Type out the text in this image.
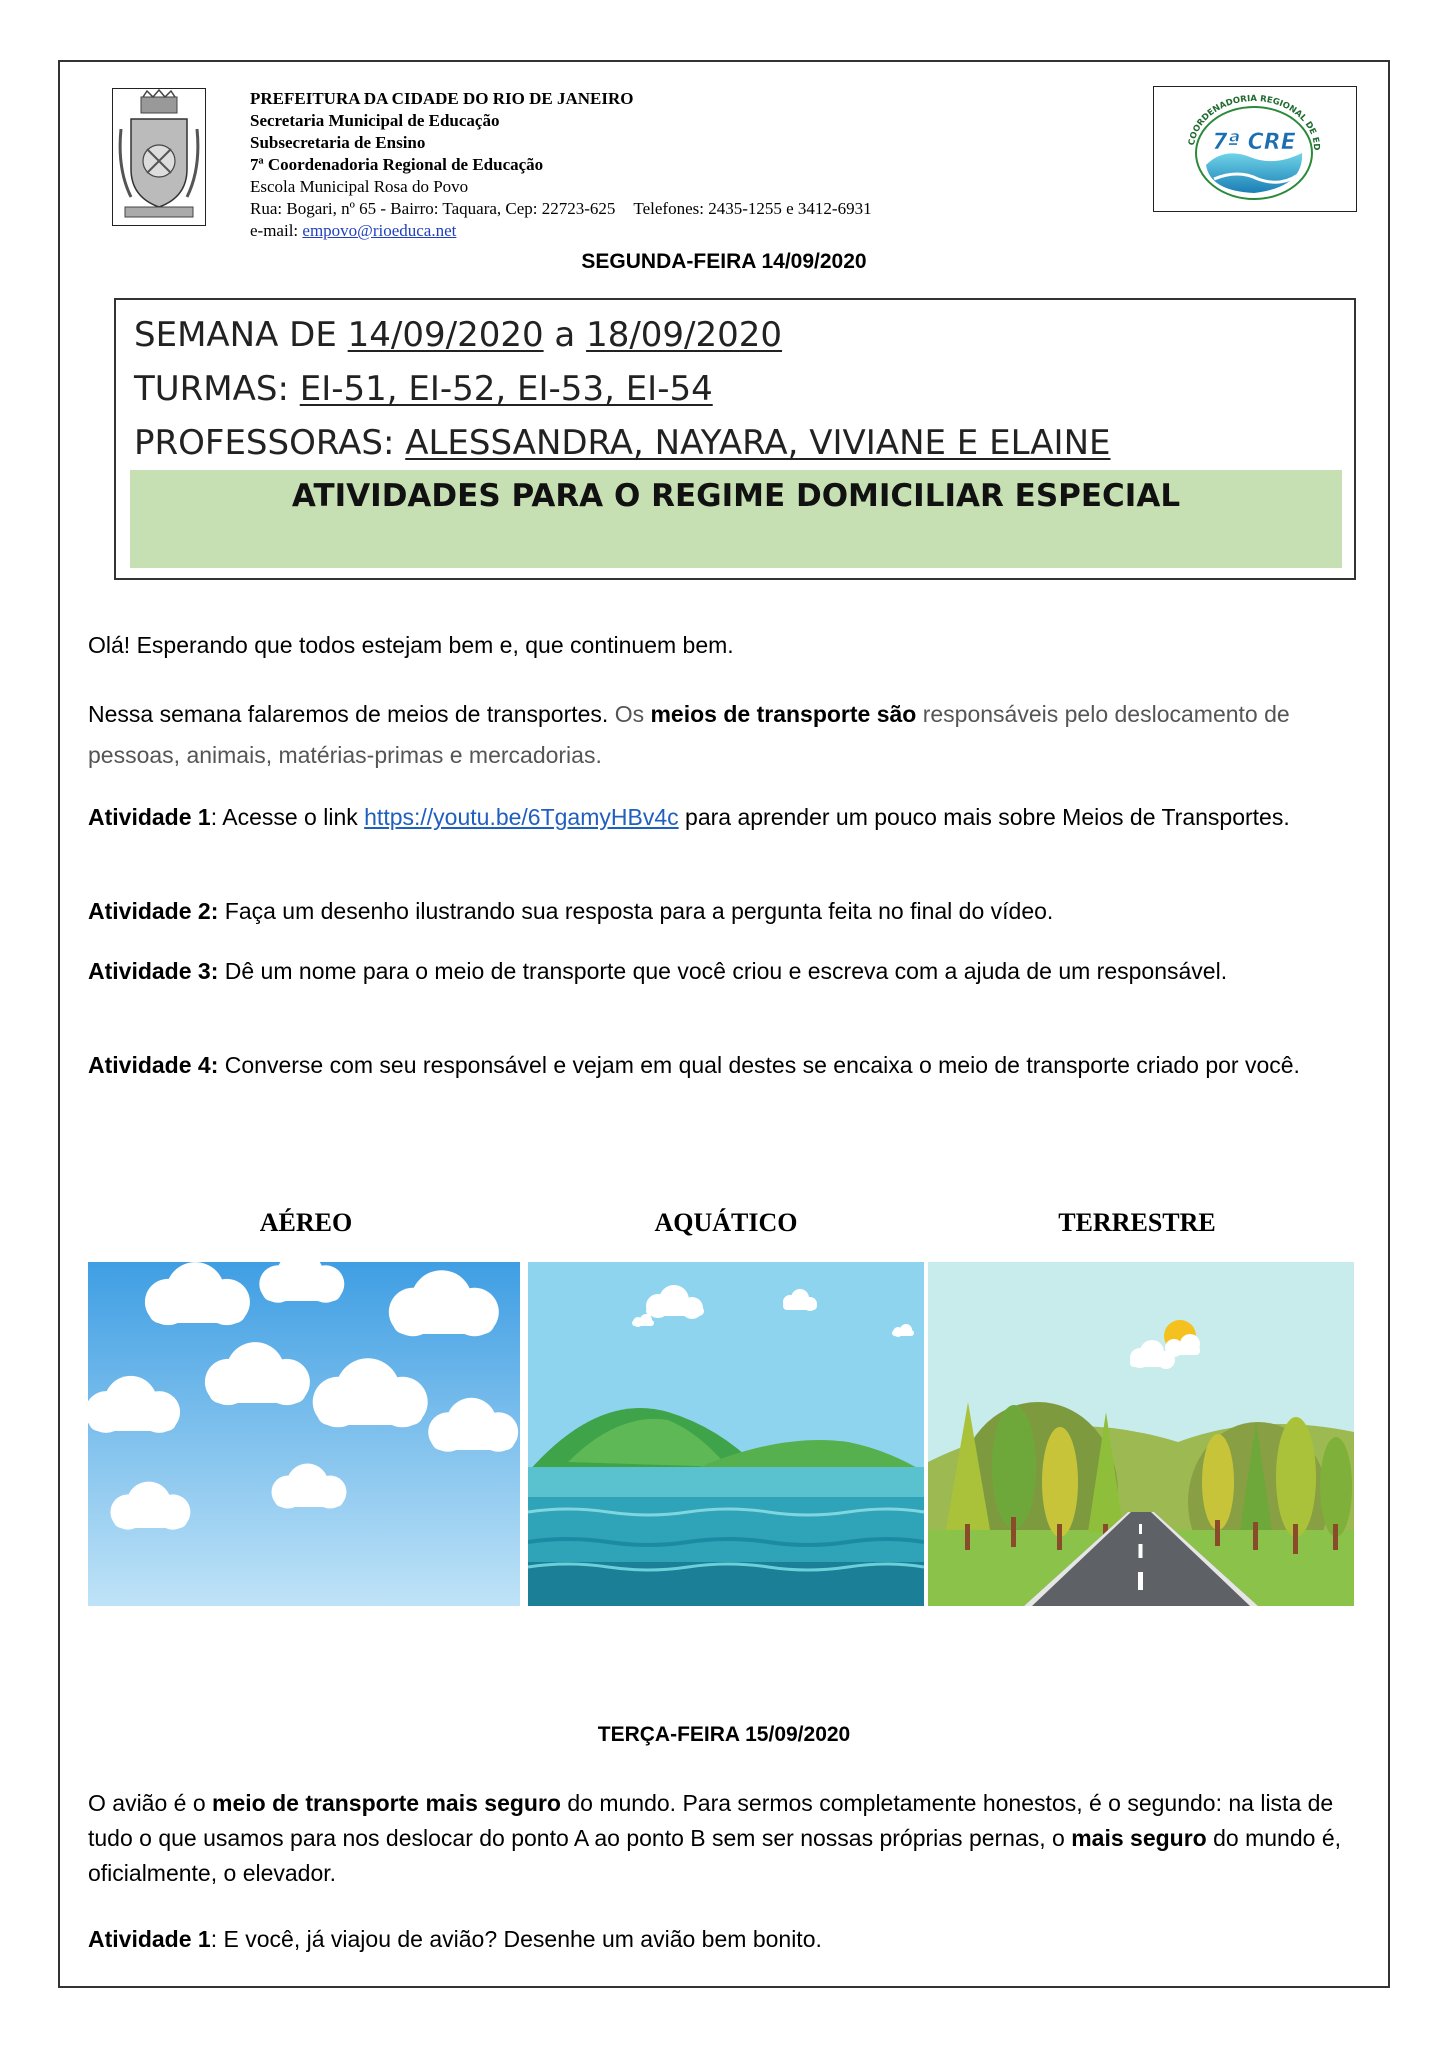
PREFEITURA DA CIDADE DO RIO DE JANEIRO
Secretaria Municipal de Educação
Subsecretaria de Ensino
7ª Coordenadoria Regional de Educação
Escola Municipal Rosa do Povo
Rua: Bogari, nº 65 - Bairro: Taquara, Cep: 22723-625 Telefones: 2435-1255 e 3412-6931
e-mail: empovo@rioeduca.net
COORDENADORIA REGIONAL DE ED
7ª CRE
SEGUNDA-FEIRA 14/09/2020
SEMANA DE 14/09/2020 a 18/09/2020
TURMAS: EI-51, EI-52, EI-53, EI-54
PROFESSORAS: ALESSANDRA, NAYARA, VIVIANE E ELAINE
ATIVIDADES PARA O REGIME DOMICILIAR ESPECIAL
Olá! Esperando que todos estejam bem e, que continuem bem.
Nessa semana falaremos de meios de transportes. Os meios de transporte são responsáveis pelo deslocamento de pessoas, animais, matérias-primas e mercadorias.
Atividade 1: Acesse o link https://youtu.be/6TgamyHBv4c para aprender um pouco mais sobre Meios de Transportes.
Atividade 2: Faça um desenho ilustrando sua resposta para a pergunta feita no final do vídeo.
Atividade 3: Dê um nome para o meio de transporte que você criou e escreva com a ajuda de um responsável.
Atividade 4: Converse com seu responsável e vejam em qual destes se encaixa o meio de transporte criado por você.
AÉREO	AQUÁTICO	TERRESTRE
TERÇA-FEIRA 15/09/2020
O avião é o meio de transporte mais seguro do mundo. Para sermos completamente honestos, é o segundo: na lista de tudo o que usamos para nos deslocar do ponto A ao ponto B sem ser nossas próprias pernas, o mais seguro do mundo é, oficialmente, o elevador.
Atividade 1: E você, já viajou de avião? Desenhe um avião bem bonito.
